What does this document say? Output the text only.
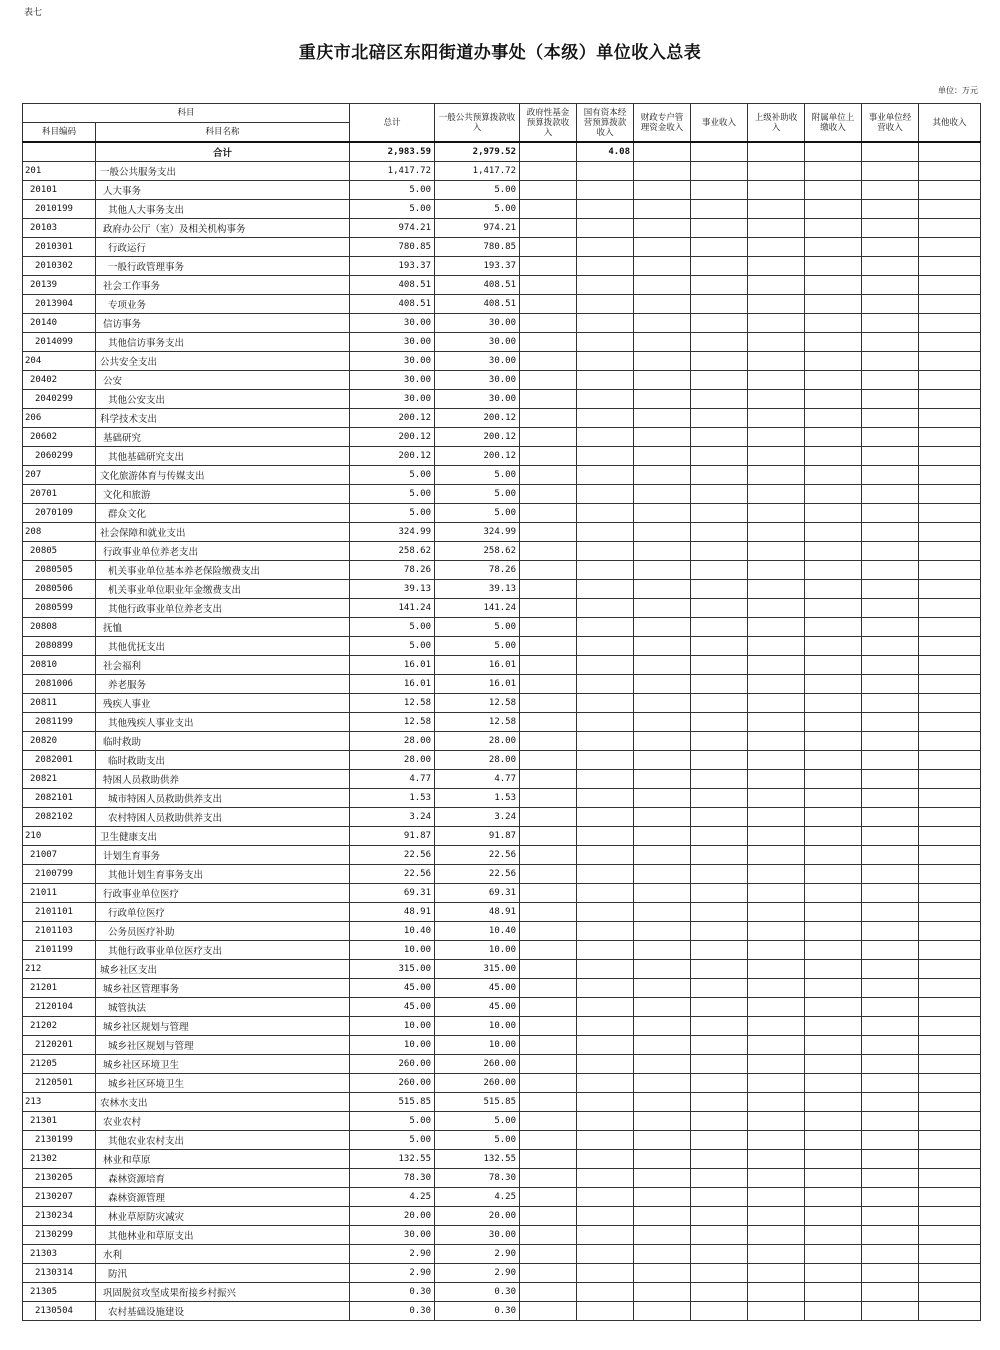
表七
重庆市北碚区东阳街道办事处（本级）单位收入总表
单位：万元
科目		总计	一般公共预算拨款收入	政府性基金预算拨款收入	国有资本经营预算拨款收入	财政专户管理资金收入	事业收入	上级补助收入	附属单位上缴收入	事业单位经营收入	其他收入
科目编码	科目名称										
	合计	2,983.59	2,979.52		4.08						
201	一般公共服务支出	1,417.72	1,417.72								
20101	人大事务	5.00	5.00								
2010199	其他人大事务支出	5.00	5.00								
20103	政府办公厅（室）及相关机构事务	974.21	974.21								
2010301	行政运行	780.85	780.85								
2010302	一般行政管理事务	193.37	193.37								
20139	社会工作事务	408.51	408.51								
2013904	专项业务	408.51	408.51								
20140	信访事务	30.00	30.00								
2014099	其他信访事务支出	30.00	30.00								
204	公共安全支出	30.00	30.00								
20402	公安	30.00	30.00								
2040299	其他公安支出	30.00	30.00								
206	科学技术支出	200.12	200.12								
20602	基础研究	200.12	200.12								
2060299	其他基础研究支出	200.12	200.12								
207	文化旅游体育与传媒支出	5.00	5.00								
20701	文化和旅游	5.00	5.00								
2070109	群众文化	5.00	5.00								
208	社会保障和就业支出	324.99	324.99								
20805	行政事业单位养老支出	258.62	258.62								
2080505	机关事业单位基本养老保险缴费支出	78.26	78.26								
2080506	机关事业单位职业年金缴费支出	39.13	39.13								
2080599	其他行政事业单位养老支出	141.24	141.24								
20808	抚恤	5.00	5.00								
2080899	其他优抚支出	5.00	5.00								
20810	社会福利	16.01	16.01								
2081006	养老服务	16.01	16.01								
20811	残疾人事业	12.58	12.58								
2081199	其他残疾人事业支出	12.58	12.58								
20820	临时救助	28.00	28.00								
2082001	临时救助支出	28.00	28.00								
20821	特困人员救助供养	4.77	4.77								
2082101	城市特困人员救助供养支出	1.53	1.53								
2082102	农村特困人员救助供养支出	3.24	3.24								
210	卫生健康支出	91.87	91.87								
21007	计划生育事务	22.56	22.56								
2100799	其他计划生育事务支出	22.56	22.56								
21011	行政事业单位医疗	69.31	69.31								
2101101	行政单位医疗	48.91	48.91								
2101103	公务员医疗补助	10.40	10.40								
2101199	其他行政事业单位医疗支出	10.00	10.00								
212	城乡社区支出	315.00	315.00								
21201	城乡社区管理事务	45.00	45.00								
2120104	城管执法	45.00	45.00								
21202	城乡社区规划与管理	10.00	10.00								
2120201	城乡社区规划与管理	10.00	10.00								
21205	城乡社区环境卫生	260.00	260.00								
2120501	城乡社区环境卫生	260.00	260.00								
213	农林水支出	515.85	515.85								
21301	农业农村	5.00	5.00								
2130199	其他农业农村支出	5.00	5.00								
21302	林业和草原	132.55	132.55								
2130205	森林资源培育	78.30	78.30								
2130207	森林资源管理	4.25	4.25								
2130234	林业草原防灾减灾	20.00	20.00								
2130299	其他林业和草原支出	30.00	30.00								
21303	水利	2.90	2.90								
2130314	防汛	2.90	2.90								
21305	巩固脱贫攻坚成果衔接乡村振兴	0.30	0.30								
2130504	农村基础设施建设	0.30	0.30								
